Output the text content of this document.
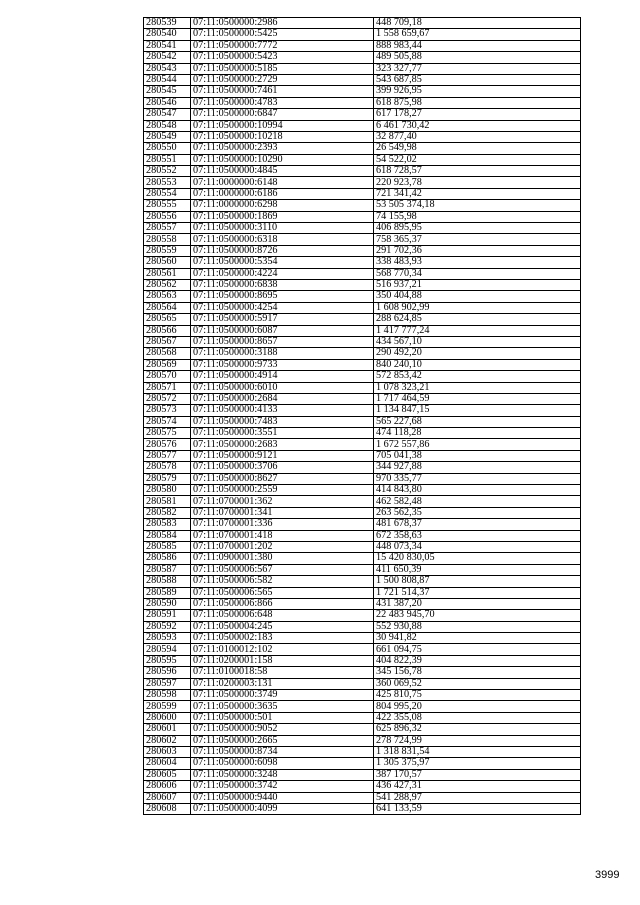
280539	07:11:0500000:2986	448 709,18
280540	07:11:0500000:5425	1 558 659,67
280541	07:11:0500000:7772	888 983,44
280542	07:11:0500000:5423	489 505,88
280543	07:11:0500000:5185	323 327,77
280544	07:11:0500000:2729	543 687,85
280545	07:11:0500000:7461	399 926,95
280546	07:11:0500000:4783	618 875,98
280547	07:11:0500000:6847	617 178,27
280548	07:11:0500000:10994	6 461 730,42
280549	07:11:0500000:10218	32 877,40
280550	07:11:0500000:2393	26 549,98
280551	07:11:0500000:10290	54 522,02
280552	07:11:0500000:4845	618 728,57
280553	07:11:0000000:6148	220 923,78
280554	07:11:0000000:6186	721 341,42
280555	07:11:0000000:6298	53 505 374,18
280556	07:11:0500000:1869	74 155,98
280557	07:11:0500000:3110	406 895,95
280558	07:11:0500000:6318	758 365,37
280559	07:11:0500000:8726	291 702,36
280560	07:11:0500000:5354	338 483,93
280561	07:11:0500000:4224	568 770,34
280562	07:11:0500000:6838	516 937,21
280563	07:11:0500000:8695	350 404,88
280564	07:11:0500000:4254	1 608 902,99
280565	07:11:0500000:5917	288 624,85
280566	07:11:0500000:6087	1 417 777,24
280567	07:11:0500000:8657	434 567,10
280568	07:11:0500000:3188	290 492,20
280569	07:11:0500000:9733	840 240,10
280570	07:11:0500000:4914	572 853,42
280571	07:11:0500000:6010	1 078 323,21
280572	07:11:0500000:2684	1 717 464,59
280573	07:11:0500000:4133	1 134 847,15
280574	07:11:0500000:7483	565 227,68
280575	07:11:0500000:3551	474 118,28
280576	07:11:0500000:2683	1 672 557,86
280577	07:11:0500000:9121	705 041,38
280578	07:11:0500000:3706	344 927,88
280579	07:11:0500000:8627	970 335,77
280580	07:11:0500000:2559	414 843,80
280581	07:11:0700001:362	462 582,48
280582	07:11:0700001:341	263 562,35
280583	07:11:0700001:336	481 678,37
280584	07:11:0700001:418	672 358,63
280585	07:11:0700001:202	448 073,34
280586	07:11:0900001:380	15 420 830,05
280587	07:11:0500006:567	411 650,39
280588	07:11:0500006:582	1 500 808,87
280589	07:11:0500006:565	1 721 514,37
280590	07:11:0500006:866	431 387,20
280591	07:11:0500006:648	22 483 945,70
280592	07:11:0500004:245	552 930,88
280593	07:11:0500002:183	30 941,82
280594	07:11:0100012:102	661 094,75
280595	07:11:0200001:158	404 822,39
280596	07:11:0100018:58	345 156,78
280597	07:11:0200003:131	360 069,52
280598	07:11:0500000:3749	425 810,75
280599	07:11:0500000:3635	804 995,20
280600	07:11:0500000:501	422 355,08
280601	07:11:0500000:9052	625 896,32
280602	07:11:0500000:2665	278 724,99
280603	07:11:0500000:8734	1 318 831,54
280604	07:11:0500000:6098	1 305 375,97
280605	07:11:0500000:3248	387 170,57
280606	07:11:0500000:3742	436 427,31
280607	07:11:0500000:9440	541 288,97
280608	07:11:0500000:4099	641 133,59
3999
